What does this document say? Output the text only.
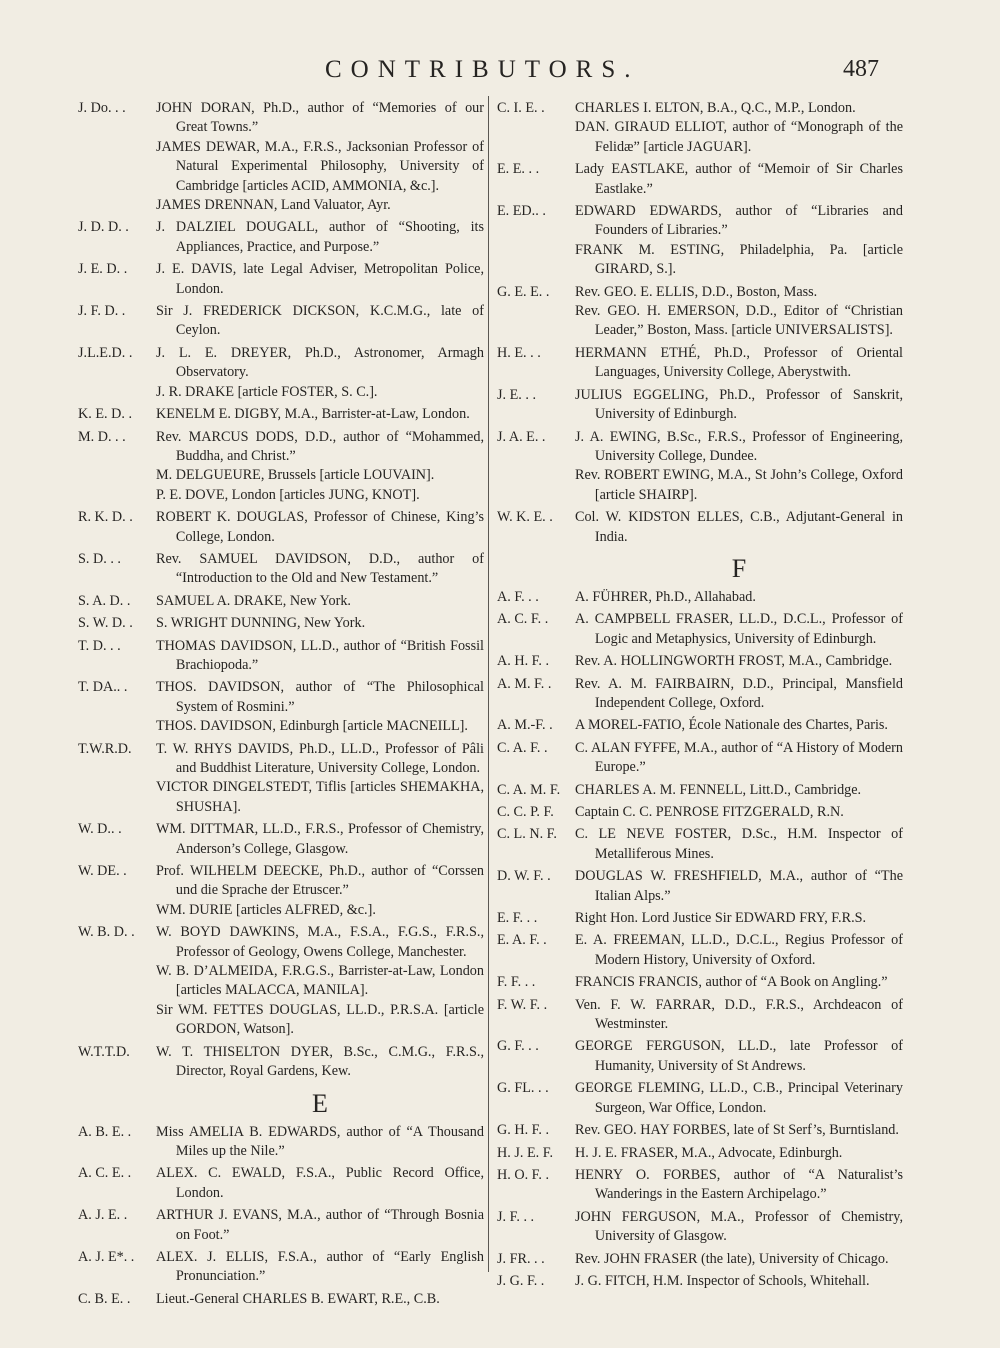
CONTRIBUTORS.	487
J. Do. . .	JOHN DORAN, Ph.D., author of “Memories of our Great Towns.”
JAMES DEWAR, M.A., F.R.S., Jacksonian Professor of Natural Experimental Philosophy, University of Cambridge [articles ACID, AMMONIA, &c.].
JAMES DRENNAN, Land Valuator, Ayr.
J. D. D. .	J. DALZIEL DOUGALL, author of “Shooting, its Appliances, Practice, and Purpose.”
J. E. D. .	J. E. DAVIS, late Legal Adviser, Metropolitan Police, London.
J. F. D. .	Sir J. FREDERICK DICKSON, K.C.M.G., late of Ceylon.
J.L.E.D. .	J. L. E. DREYER, Ph.D., Astronomer, Armagh Observatory.
J. R. DRAKE [article FOSTER, S. C.].
K. E. D. .	KENELM E. DIGBY, M.A., Barrister-at-Law, London.
M. D. . .	Rev. MARCUS DODS, D.D., author of “Mohammed, Buddha, and Christ.”
M. DELGUEURE, Brussels [article LOUVAIN].
P. E. DOVE, London [articles JUNG, KNOT].
R. K. D. .	ROBERT K. DOUGLAS, Professor of Chinese, King’s College, London.
S. D. . .	Rev. SAMUEL DAVIDSON, D.D., author of “Introduction to the Old and New Testament.”
S. A. D. .	SAMUEL A. DRAKE, New York.
S. W. D. .	S. WRIGHT DUNNING, New York.
T. D. . .	THOMAS DAVIDSON, LL.D., author of “British Fossil Brachiopoda.”
T. DA.. .	THOS. DAVIDSON, author of “The Philosophical System of Rosmini.”
THOS. DAVIDSON, Edinburgh [article MACNEILL].
T.W.R.D.	T. W. RHYS DAVIDS, Ph.D., LL.D., Professor of Pâli and Buddhist Literature, University College, London.
VICTOR DINGELSTEDT, Tiflis [articles SHEMAKHA, SHUSHA].
W. D.. .	WM. DITTMAR, LL.D., F.R.S., Professor of Chemistry, Anderson’s College, Glasgow.
W. DE. .	Prof. WILHELM DEECKE, Ph.D., author of “Corssen und die Sprache der Etruscer.”
WM. DURIE [articles ALFRED, &c.].
W. B. D. .	W. BOYD DAWKINS, M.A., F.S.A., F.G.S., F.R.S., Professor of Geology, Owens College, Manchester.
W. B. D’ALMEIDA, F.R.G.S., Barrister-at-Law, London [articles MALACCA, MANILA].
Sir WM. FETTES DOUGLAS, LL.D., P.R.S.A. [article GORDON, Watson].
W.T.T.D.	W. T. THISELTON DYER, B.Sc., C.M.G., F.R.S., Director, Royal Gardens, Kew.
E
A. B. E. .	Miss AMELIA B. EDWARDS, author of “A Thousand Miles up the Nile.”
A. C. E. .	ALEX. C. EWALD, F.S.A., Public Record Office, London.
A. J. E. .	ARTHUR J. EVANS, M.A., author of “Through Bosnia on Foot.”
A. J. E*. .	ALEX. J. ELLIS, F.S.A., author of “Early English Pronunciation.”
C. B. E. .	Lieut.-General CHARLES B. EWART, R.E., C.B.
C. I. E. .	CHARLES I. ELTON, B.A., Q.C., M.P., London.
DAN. GIRAUD ELLIOT, author of “Monograph of the Felidæ” [article JAGUAR].
E. E. . .	Lady EASTLAKE, author of “Memoir of Sir Charles Eastlake.”
E. ED.. .	EDWARD EDWARDS, author of “Libraries and Founders of Libraries.”
FRANK M. ESTING, Philadelphia, Pa. [article GIRARD, S.].
G. E. E. .	Rev. GEO. E. ELLIS, D.D., Boston, Mass.
Rev. GEO. H. EMERSON, D.D., Editor of “Christian Leader,” Boston, Mass. [article UNIVERSALISTS].
H. E. . .	HERMANN ETHÉ, Ph.D., Professor of Oriental Languages, University College, Aberystwith.
J. E. . .	JULIUS EGGELING, Ph.D., Professor of Sanskrit, University of Edinburgh.
J. A. E. .	J. A. EWING, B.Sc., F.R.S., Professor of Engineering, University College, Dundee.
Rev. ROBERT EWING, M.A., St John’s College, Oxford [article SHAIRP].
W. K. E. .	Col. W. KIDSTON ELLES, C.B., Adjutant-General in India.
F
A. F. . .	A. FÜHRER, Ph.D., Allahabad.
A. C. F. .	A. CAMPBELL FRASER, LL.D., D.C.L., Professor of Logic and Metaphysics, University of Edinburgh.
A. H. F. .	Rev. A. HOLLINGWORTH FROST, M.A., Cambridge.
A. M. F. .	Rev. A. M. FAIRBAIRN, D.D., Principal, Mansfield Independent College, Oxford.
A. M.-F. .	A MOREL-FATIO, École Nationale des Chartes, Paris.
C. A. F. .	C. ALAN FYFFE, M.A., author of “A History of Modern Europe.”
C. A. M. F.	CHARLES A. M. FENNELL, Litt.D., Cambridge.
C. C. P. F.	Captain C. C. PENROSE FITZGERALD, R.N.
C. L. N. F.	C. LE NEVE FOSTER, D.Sc., H.M. Inspector of Metalliferous Mines.
D. W. F. .	DOUGLAS W. FRESHFIELD, M.A., author of “The Italian Alps.”
E. F. . .	Right Hon. Lord Justice Sir EDWARD FRY, F.R.S.
E. A. F. .	E. A. FREEMAN, LL.D., D.C.L., Regius Professor of Modern History, University of Oxford.
F. F. . .	FRANCIS FRANCIS, author of “A Book on Angling.”
F. W. F. .	Ven. F. W. FARRAR, D.D., F.R.S., Archdeacon of Westminster.
G. F. . .	GEORGE FERGUSON, LL.D., late Professor of Humanity, University of St Andrews.
G. FL. . .	GEORGE FLEMING, LL.D., C.B., Principal Veterinary Surgeon, War Office, London.
G. H. F. .	Rev. GEO. HAY FORBES, late of St Serf’s, Burntisland.
H. J. E. F.	H. J. E. FRASER, M.A., Advocate, Edinburgh.
H. O. F. .	HENRY O. FORBES, author of “A Naturalist’s Wanderings in the Eastern Archipelago.”
J. F. . .	JOHN FERGUSON, M.A., Professor of Chemistry, University of Glasgow.
J. FR. . .	Rev. JOHN FRASER (the late), University of Chicago.
J. G. F. .	J. G. FITCH, H.M. Inspector of Schools, Whitehall.
